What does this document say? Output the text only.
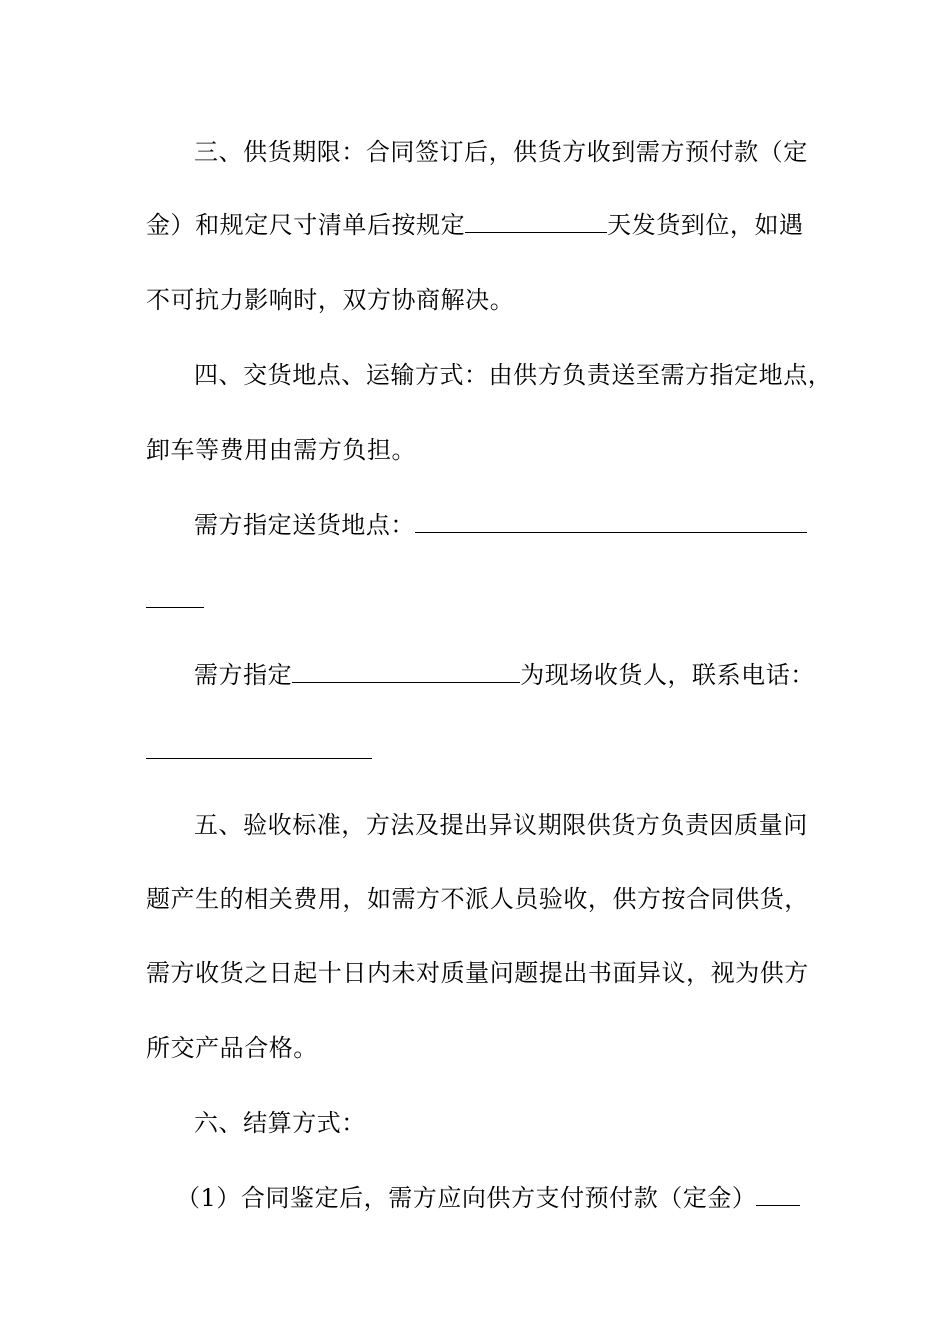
三、供货期限：合同签订后，供货方收到需方预付款（定
金）和规定尺寸清单后按规定	天发货到位，如遇
不可抗力影响时，双方协商解决。
四、交货地点、运输方式：由供方负责送至需方指定地点，
卸车等费用由需方负担。
需方指定送货地点：
需方指定	为现场收货人，联系电话：
五、验收标准，方法及提出异议期限供货方负责因质量问
题产生的相关费用，如需方不派人员验收，供方按合同供货，
需方收货之日起十日内未对质量问题提出书面异议，视为供方
所交产品合格。
六、结算方式：
（1）合同鉴定后，需方应向供方支付预付款（定金）
